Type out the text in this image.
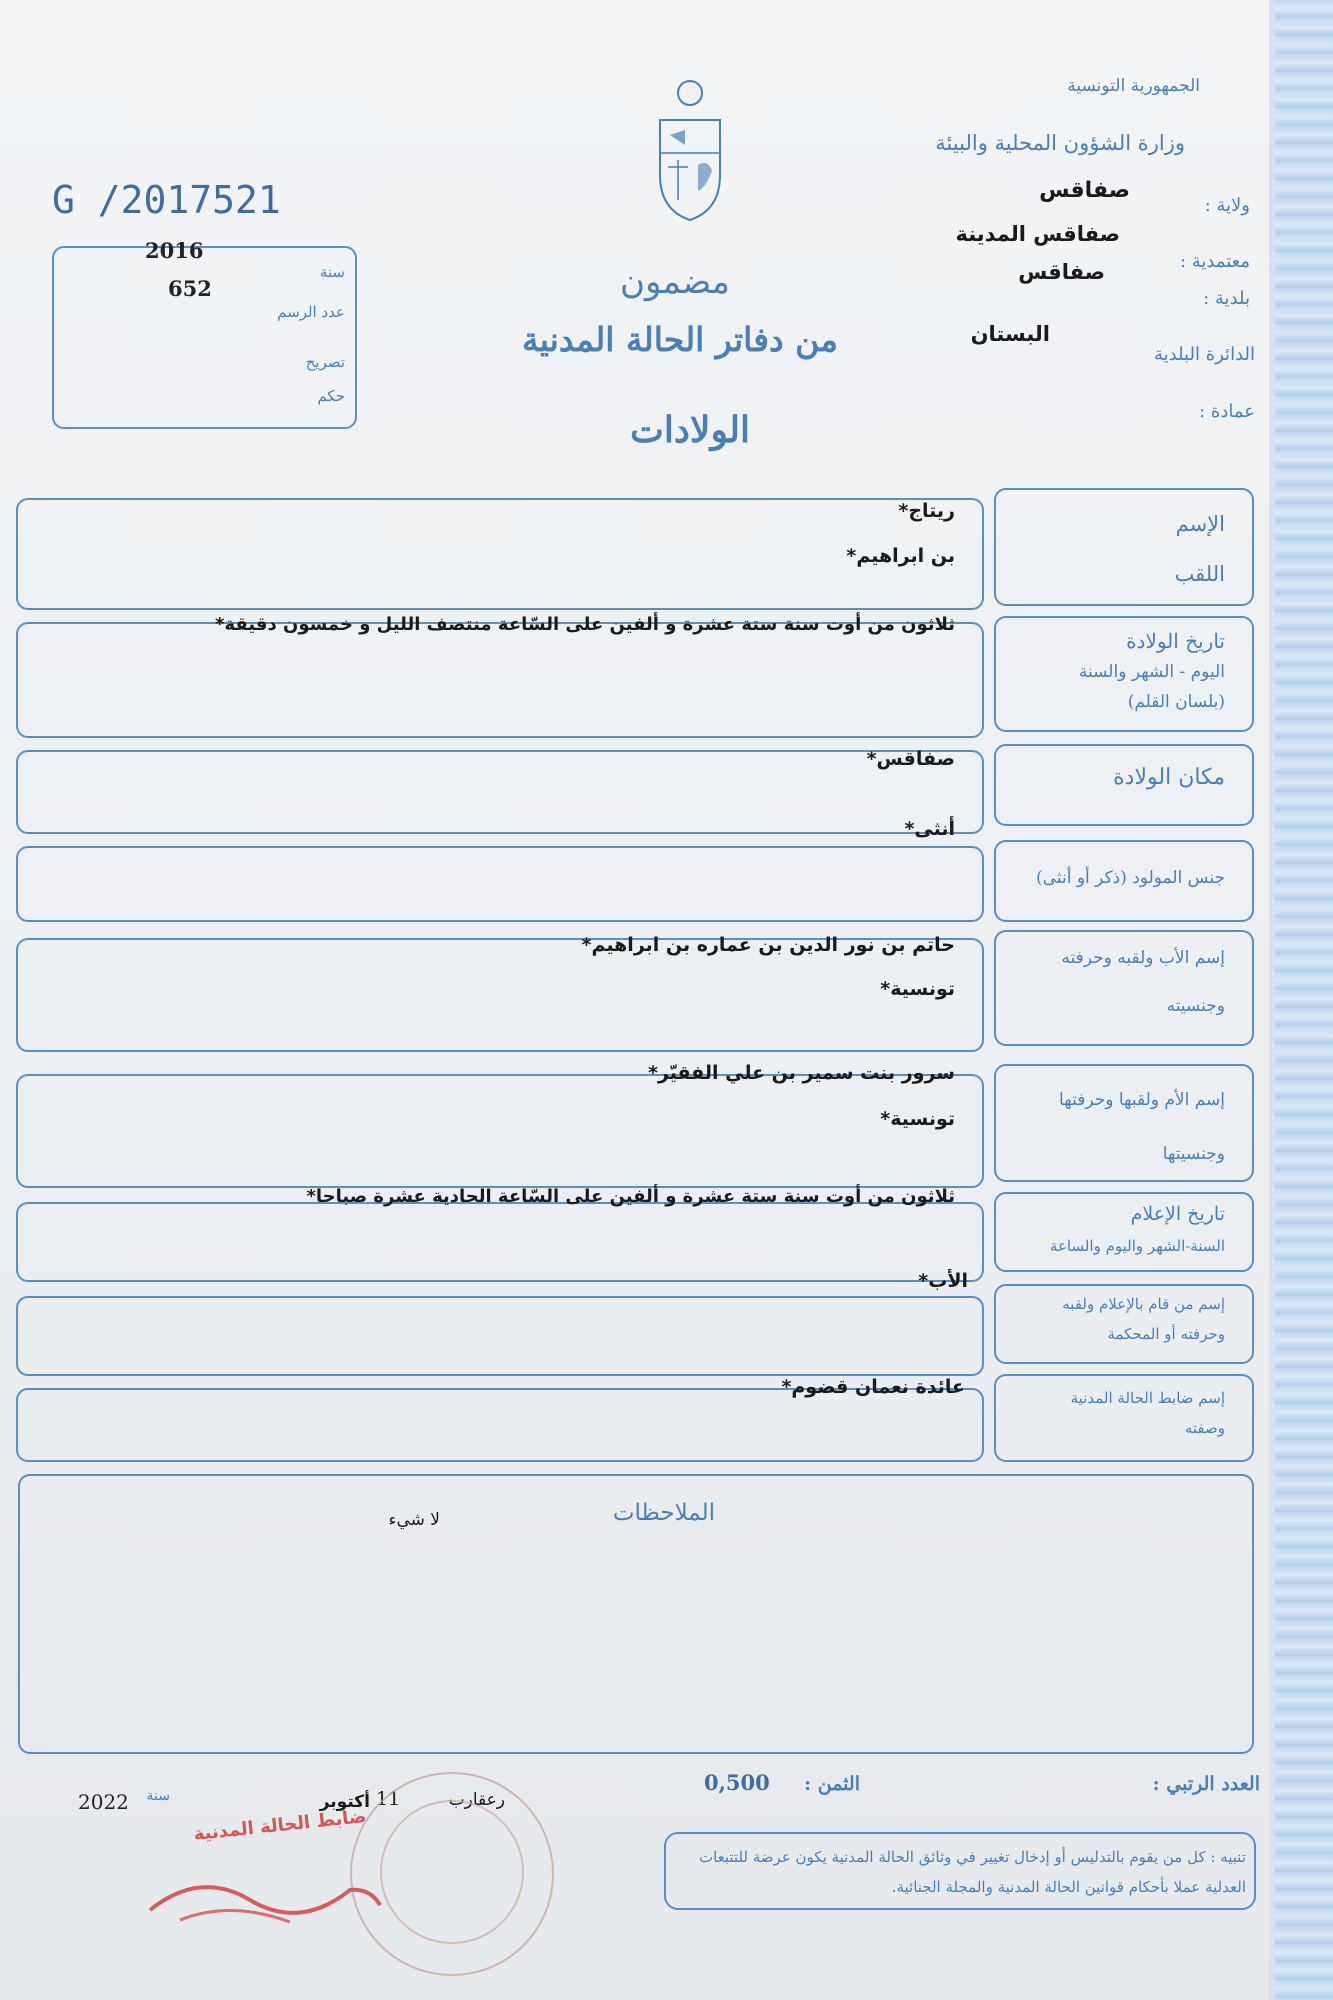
الجمهورية التونسية
وزارة الشؤون المحلية والبيئة
ولاية :
صفاقس
معتمدية :
صفاقس المدينة
بلدية :
صفاقس
الدائرة البلدية
البستان
عمادة :
G /2017521
2016
سنة
652
عدد الرسم
تصريح
حكم
مضمون
من دفاتر الحالة المدنية
الولادات
الإسم
اللقب
ريتاج*
بن ابراهيم*
تاريخ الولادة
اليوم - الشهر والسنة
(بلسان القلم)
ثلاثون من أوت سنة ستة عشرة و ألفين على السّاعة منتصف الليل و خمسون دقيقة*
مكان الولادة
صفاقس*
جنس المولود (ذكر أو أنثى)
أنثى*
إسم الأب ولقبه وحرفته
وجنسيته
حاتم بن نور الدين بن عماره بن ابراهيم*
تونسية*
إسم الأم ولقبها وحرفتها
وجنسيتها
سرور بنت سمير بن علي الفقيّر*
تونسية*
تاريخ الإعلام
السنة-الشهر واليوم والساعة
ثلاثون من أوت سنة ستة عشرة و ألفين على السّاعة الحادية عشرة صباحا*
إسم من قام بالإعلام ولقبه
وحرفته أو المحكمة
الأب*
إسم ضابط الحالة المدنية
وصفته
عائدة نعمان قضوم*
الملاحظات
لا شيء
العدد الرتبي :
الثمن :
0,500
رعقارب
11
أكتوبر
سنة
2022
تنبيه : كل من يقوم بالتدليس أو إدخال تغيير في وثائق الحالة المدنية يكون عرضة للتتبعات العدلية عملا بأحكام قوانين الحالة المدنية والمجلة الجنائية.
ضابط الحالة المدنية
